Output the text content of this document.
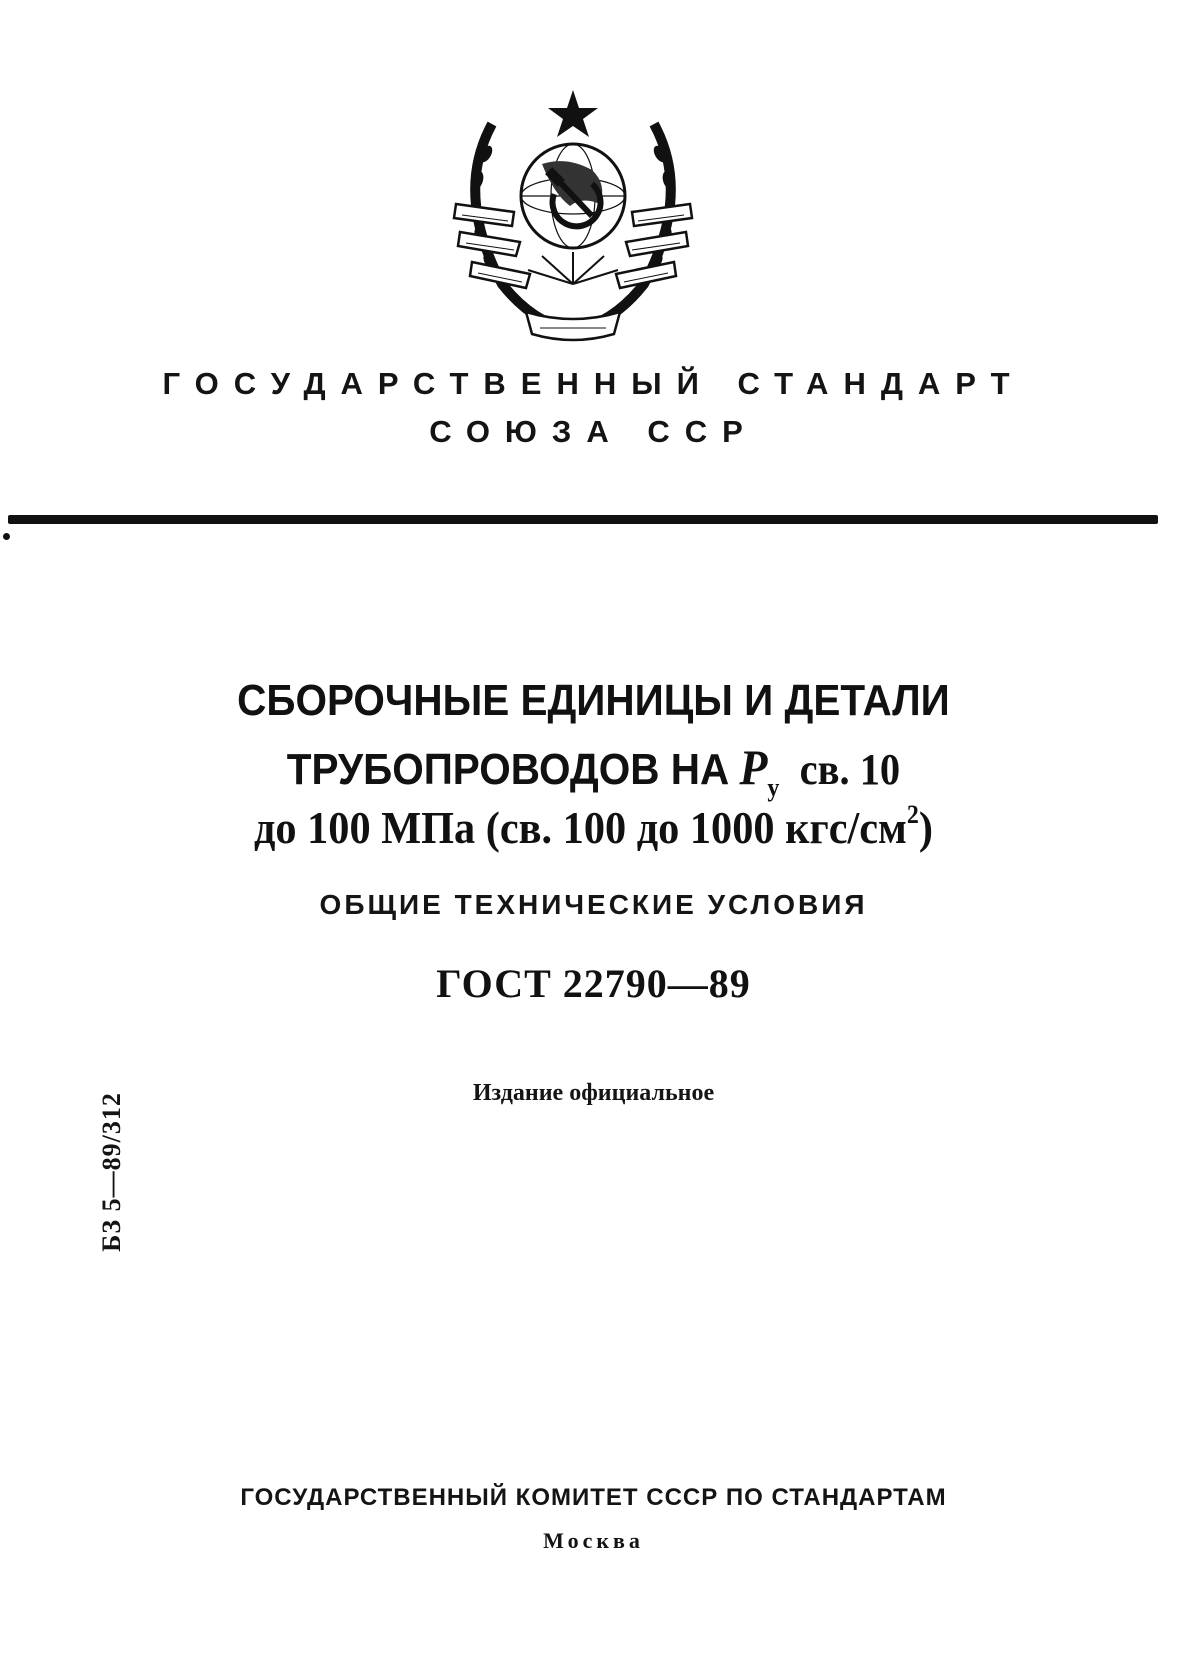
ГОСУДАРСТВЕННЫЙ СТАНДАРТ
СОЮЗА ССР
СБОРОЧНЫЕ ЕДИНИЦЫ И ДЕТАЛИ
ТРУБОПРОВОДОВ НА $P_у$ св. 10
до 100 МПа (св. 100 до 1000 кгс/$см^2$)
ОБЩИЕ ТЕХНИЧЕСКИЕ УСЛОВИЯ
ГОСТ 22790—89
Издание официальное
БЗ 5—89/312
ГОСУДАРСТВЕННЫЙ КОМИТЕТ СССР ПО СТАНДАРТАМ
Москва
